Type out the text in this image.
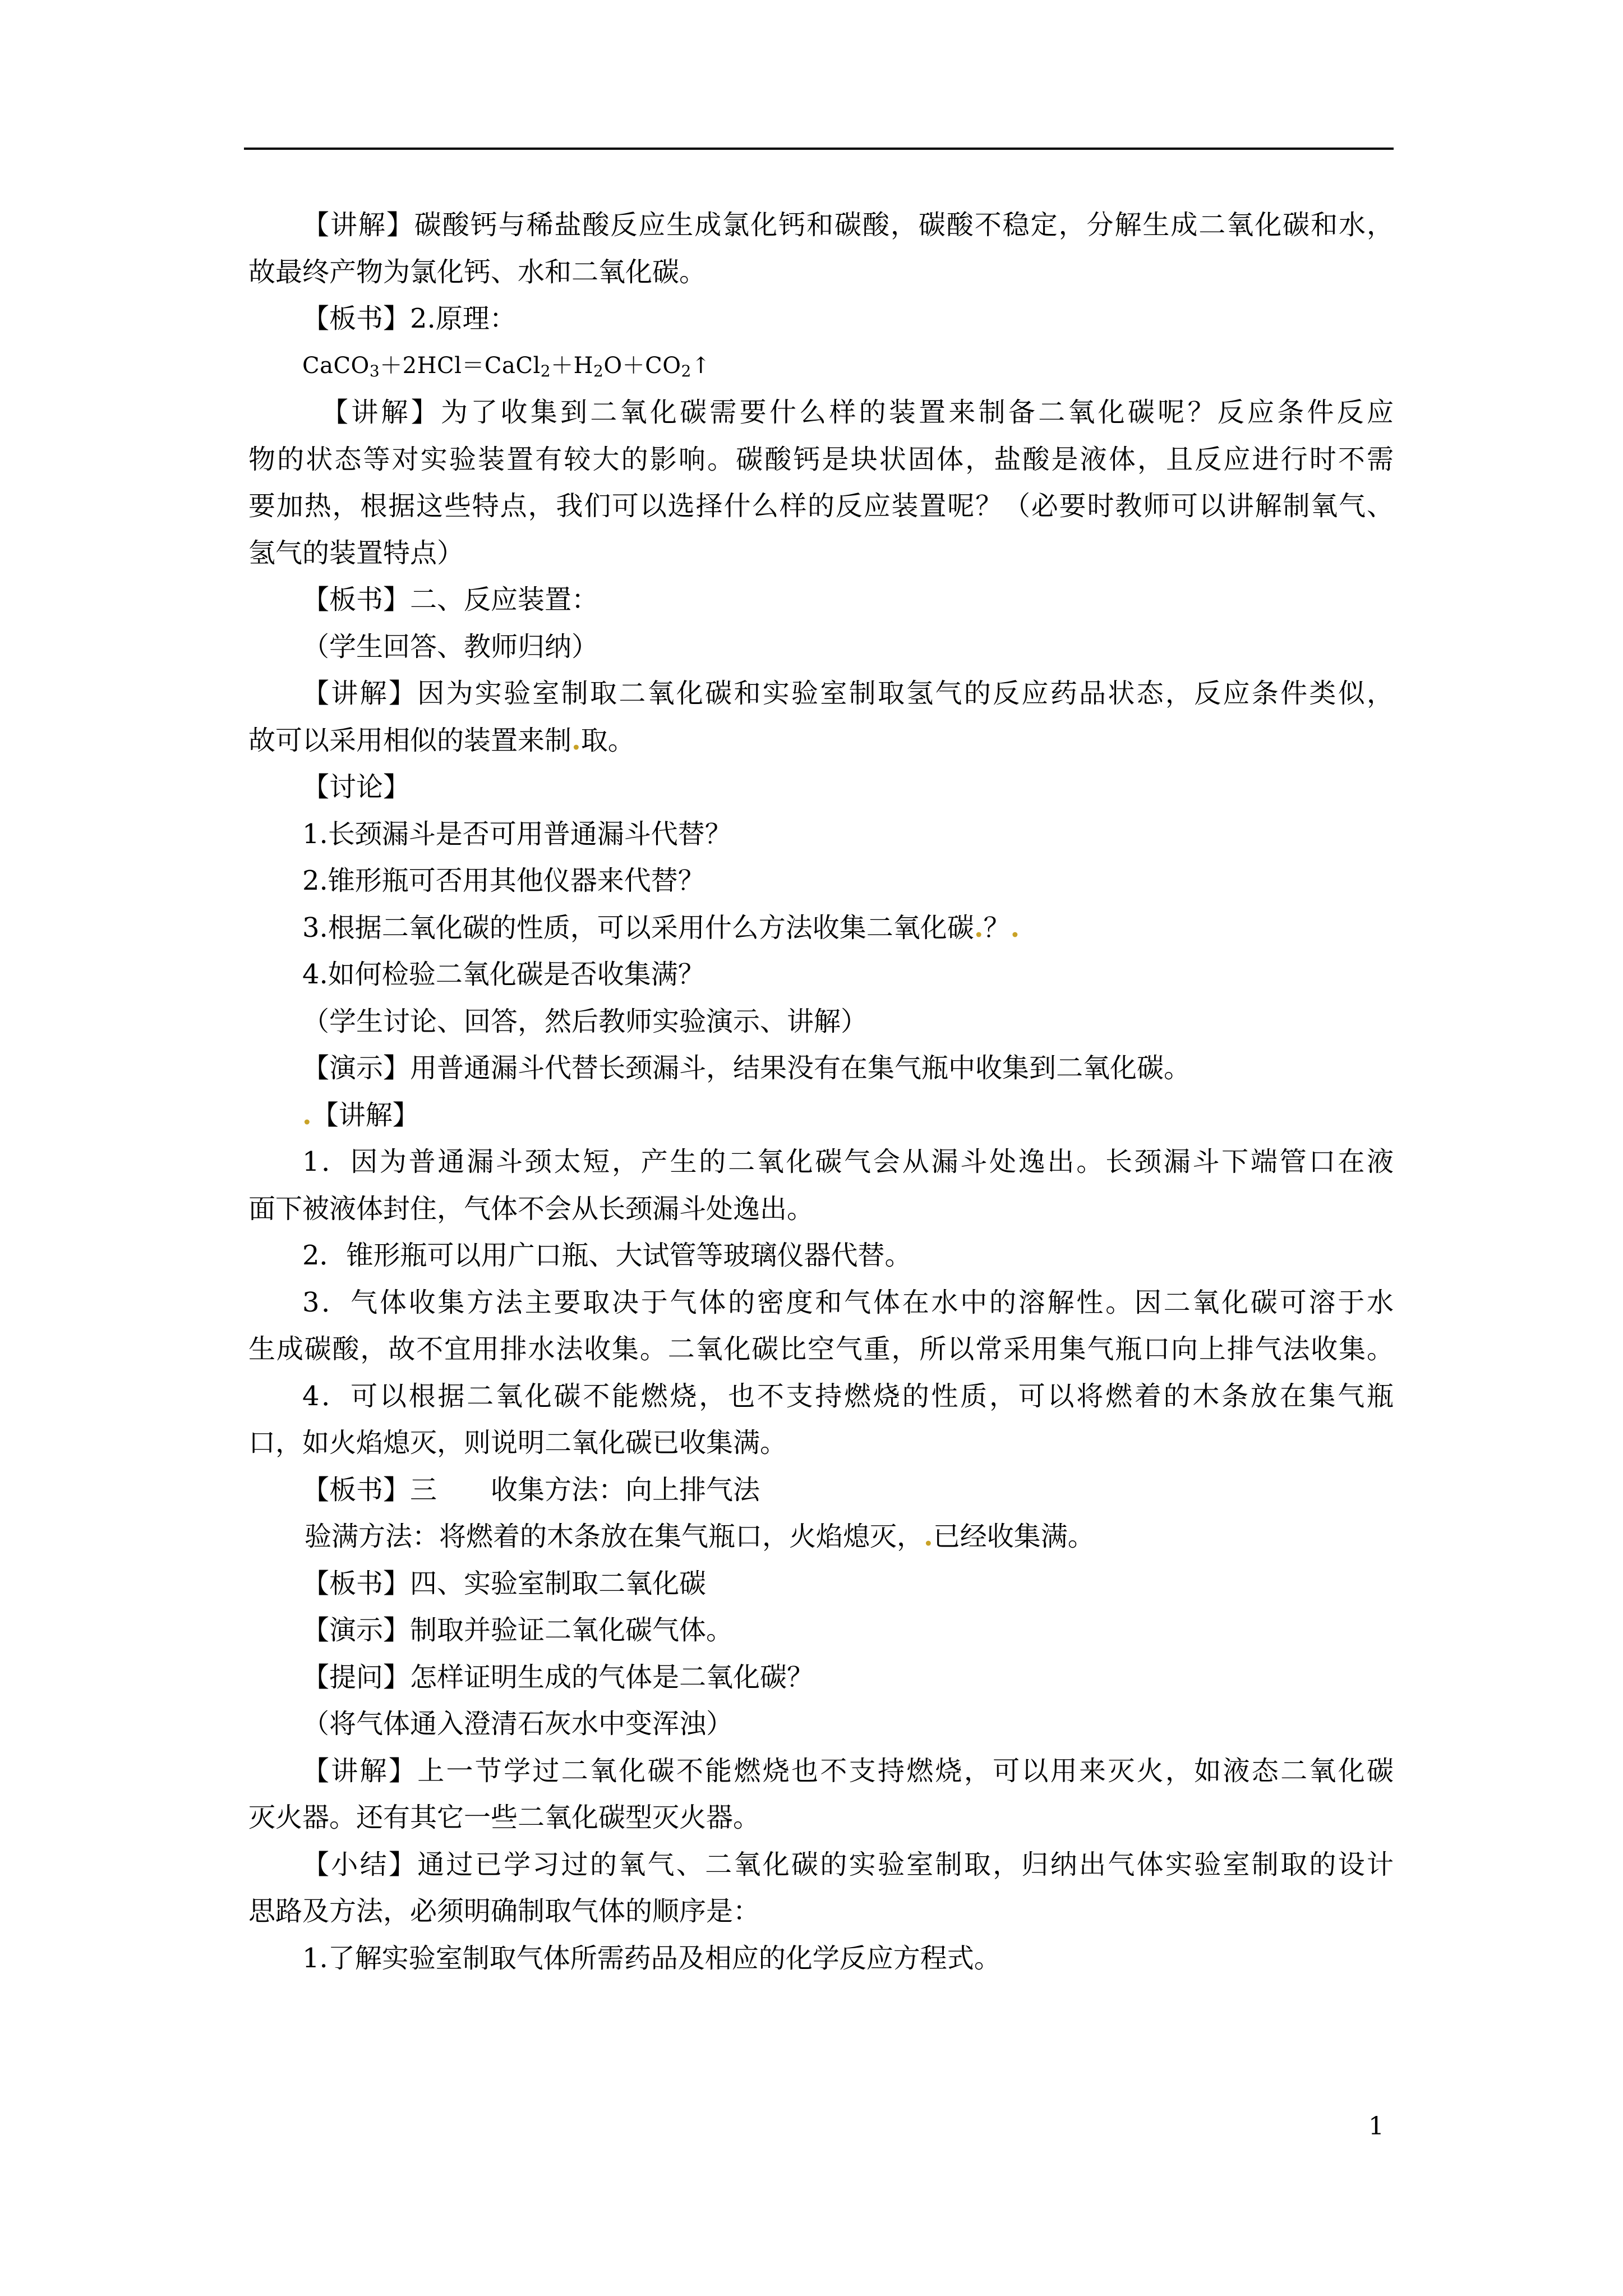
【讲解】碳酸钙与稀盐酸反应生成氯化钙和碳酸，碳酸不稳定，分解生成二氧化碳和水，
故最终产物为氯化钙、水和二氧化碳。
【板书】2.原理：
$CaCO_3+2HCl=CaCl_2+H_2O+CO_2↑$
【讲解】为了收集到二氧化碳需要什么样的装置来制备二氧化碳呢？反应条件反应
物的状态等对实验装置有较大的影响。碳酸钙是块状固体，盐酸是液体，且反应进行时不需
要加热，根据这些特点，我们可以选择什么样的反应装置呢？（必要时教师可以讲解制氧气、
氢气的装置特点）
【板书】二、反应装置：
（学生回答、教师归纳）
【讲解】因为实验室制取二氧化碳和实验室制取氢气的反应药品状态，反应条件类似，
故可以采用相似的装置来制.取。
【讨论】
1.长颈漏斗是否可用普通漏斗代替？
2.锥形瓶可否用其他仪器来代替？
3.根据二氧化碳的性质，可以采用什么方法收集二氧化碳.？.
4.如何检验二氧化碳是否收集满？
（学生讨论、回答，然后教师实验演示、讲解）
【演示】用普通漏斗代替长颈漏斗，结果没有在集气瓶中收集到二氧化碳。
.【讲解】
1．因为普通漏斗颈太短，产生的二氧化碳气会从漏斗处逸出。长颈漏斗下端管口在液
面下被液体封住，气体不会从长颈漏斗处逸出。
2．锥形瓶可以用广口瓶、大试管等玻璃仪器代替。
3．气体收集方法主要取决于气体的密度和气体在水中的溶解性。因二氧化碳可溶于水
生成碳酸，故不宜用排水法收集。二氧化碳比空气重，所以常采用集气瓶口向上排气法收集。
4．可以根据二氧化碳不能燃烧，也不支持燃烧的性质，可以将燃着的木条放在集气瓶
口，如火焰熄灭，则说明二氧化碳已收集满。
【板书】三　　收集方法：向上排气法
验满方法：将燃着的木条放在集气瓶口，火焰熄灭，.已经收集满。
【板书】四、实验室制取二氧化碳
【演示】制取并验证二氧化碳气体。
【提问】怎样证明生成的气体是二氧化碳？
（将气体通入澄清石灰水中变浑浊）
【讲解】上一节学过二氧化碳不能燃烧也不支持燃烧，可以用来灭火，如液态二氧化碳
灭火器。还有其它一些二氧化碳型灭火器。
【小结】通过已学习过的氧气、二氧化碳的实验室制取，归纳出气体实验室制取的设计
思路及方法，必须明确制取气体的顺序是：
1.了解实验室制取气体所需药品及相应的化学反应方程式。
1
